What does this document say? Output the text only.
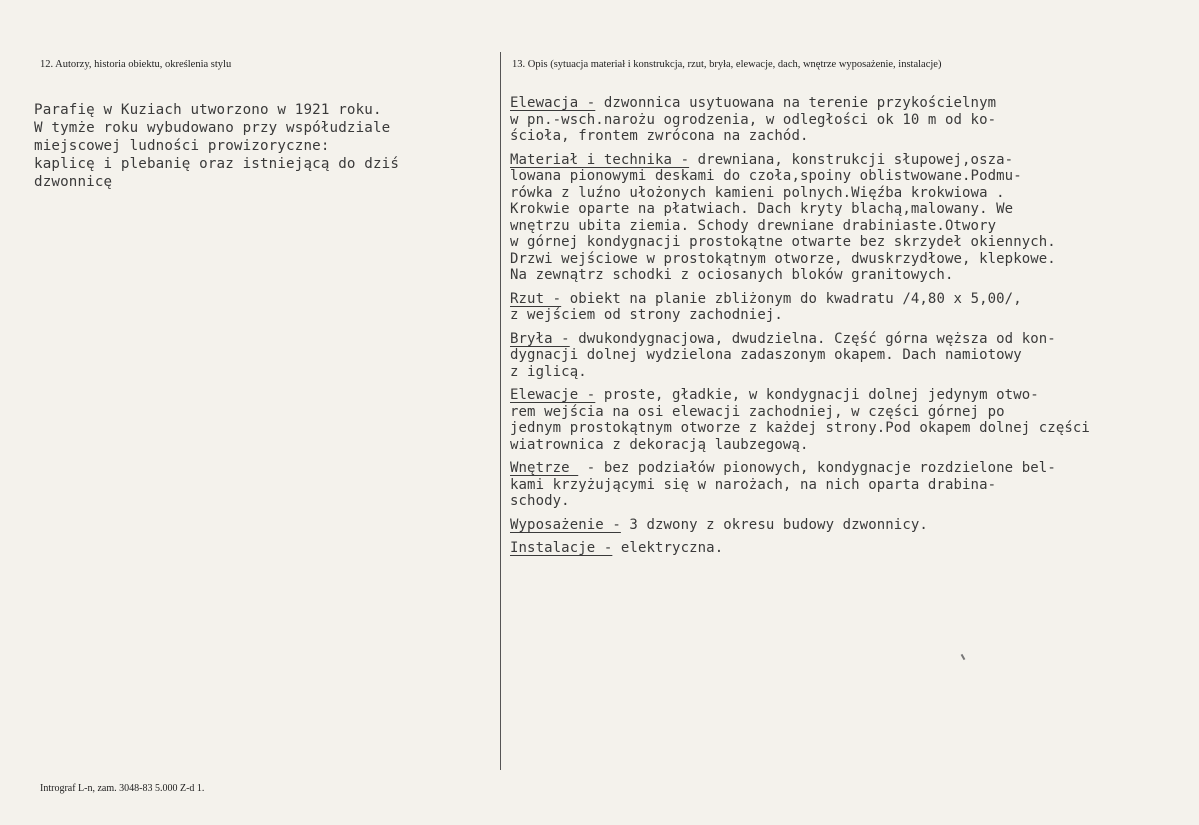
12. Autorzy, historia obiektu, określenia stylu	13. Opis (sytuacja materiał i konstrukcja, rzut, bryła, elewacje, dach, wnętrze wyposażenie, instalacje)
Parafię w Kuziach utworzono w 1921 roku.
W tymże roku wybudowano przy współudziale
miejscowej ludności prowizoryczne:
kaplicę i plebanię oraz istniejącą do dziś
dzwonnicę

Elewacja - dzwonnica usytuowana na terenie przykościelnym
w pn.-wsch.narożu ogrodzenia, w odległości ok 10 m od ko-
ścioła, frontem zwrócona na zachód.

Materiał i technika - drewniana, konstrukcji słupowej,osza-
lowana pionowymi deskami do czoła,spoiny oblistwowane.Podmu-
rówka z luźno ułożonych kamieni polnych.Więźba krokwiowa .
Krokwie oparte na płatwiach. Dach kryty blachą,malowany. We
wnętrzu ubita ziemia. Schody drewniane drabiniaste.Otwory
w górnej kondygnacji prostokątne otwarte bez skrzydeł okiennych.
Drzwi wejściowe w prostokątnym otworze, dwuskrzydłowe, klepkowe.
Na zewnątrz schodki z ociosanych bloków granitowych.

Rzut - obiekt na planie zbliżonym do kwadratu /4,80 x 5,00/,
z wejściem od strony zachodniej.

Bryła - dwukondygnacjowa, dwudzielna. Część górna węższa od kon-
dygnacji dolnej wydzielona zadaszonym okapem. Dach namiotowy
z iglicą.

Elewacje - proste, gładkie, w kondygnacji dolnej jedynym otwo-
rem wejścia na osi elewacji zachodniej, w części górnej po
jednym prostokątnym otworze z każdej strony.Pod okapem dolnej części
wiatrownica z dekoracją laubzegową.

Wnętrze  - bez podziałów pionowych, kondygnacje rozdzielone bel-
kami krzyżującymi się w narożach, na nich oparta drabina-
schody.

Wyposażenie - 3 dzwony z okresu budowy dzwonnicy.

Instalacje - elektryczna.

Intrograf L-n, zam. 3048-83 5.000 Z-d 1.
